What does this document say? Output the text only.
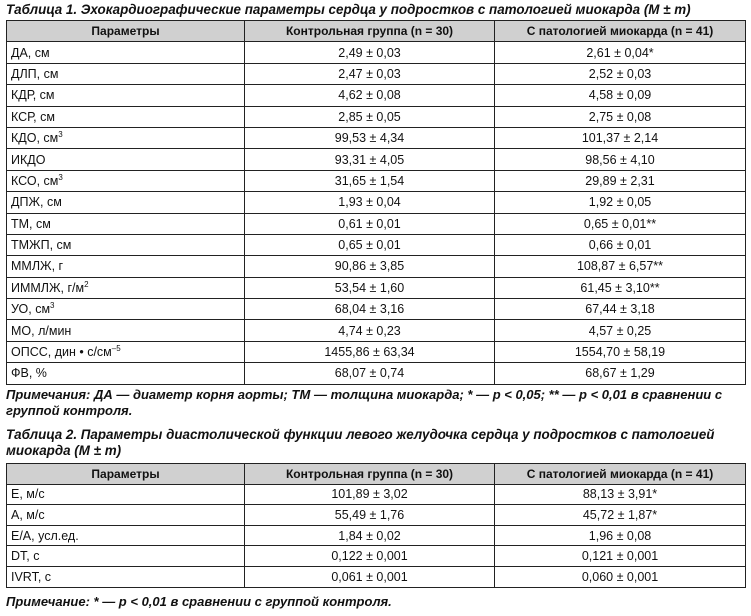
Таблица 1. Эхокардиографические параметры сердца у подростков с патологией миокарда (M ± m)
Параметры	Контрольная группа (n = 30)	С патологией миокарда (n = 41)
ДА, см	2,49 ± 0,03	2,61 ± 0,04*
ДЛП, см	2,47 ± 0,03	2,52 ± 0,03
КДР, см	4,62 ± 0,08	4,58 ± 0,09
КСР, см	2,85 ± 0,05	2,75 ± 0,08
КДО, $см^3$	99,53 ± 4,34	101,37 ± 2,14
ИКДО	93,31 ± 4,05	98,56 ± 4,10
КСО, $см^3$	31,65 ± 1,54	29,89 ± 2,31
ДПЖ, см	1,93 ± 0,04	1,92 ± 0,05
ТМ, см	0,61 ± 0,01	0,65 ± 0,01**
ТМЖП, см	0,65 ± 0,01	0,66 ± 0,01
ММЛЖ, г	90,86 ± 3,85	108,87 ± 6,57**
ИММЛЖ, $г/м^2$	53,54 ± 1,60	61,45 ± 3,10**
УО, $см^3$	68,04 ± 3,16	67,44 ± 3,18
МО, л/мин	4,74 ± 0,23	4,57 ± 0,25
ОПСС, дин • $с/см^{-5}$	1455,86 ± 63,34	1554,70 ± 58,19
ФВ, %	68,07 ± 0,74	68,67 ± 1,29
Примечания: ДА — диаметр корня аорты; ТМ — толщина миокарда; * — р < 0,05; ** — р < 0,01 в сравнении с группой контроля.
Таблица 2. Параметры диастолической функции левого желудочка сердца у подростков с патологией миокарда (M ± m)
Параметры	Контрольная группа (n = 30)	С патологией миокарда (n = 41)
E, м/с	101,89 ± 3,02	88,13 ± 3,91*
A, м/с	55,49 ± 1,76	45,72 ± 1,87*
E/A, усл.ед.	1,84 ± 0,02	1,96 ± 0,08
DT, с	0,122 ± 0,001	0,121 ± 0,001
IVRT, с	0,061 ± 0,001	0,060 ± 0,001
Примечание: * — р < 0,01 в сравнении с группой контроля.
